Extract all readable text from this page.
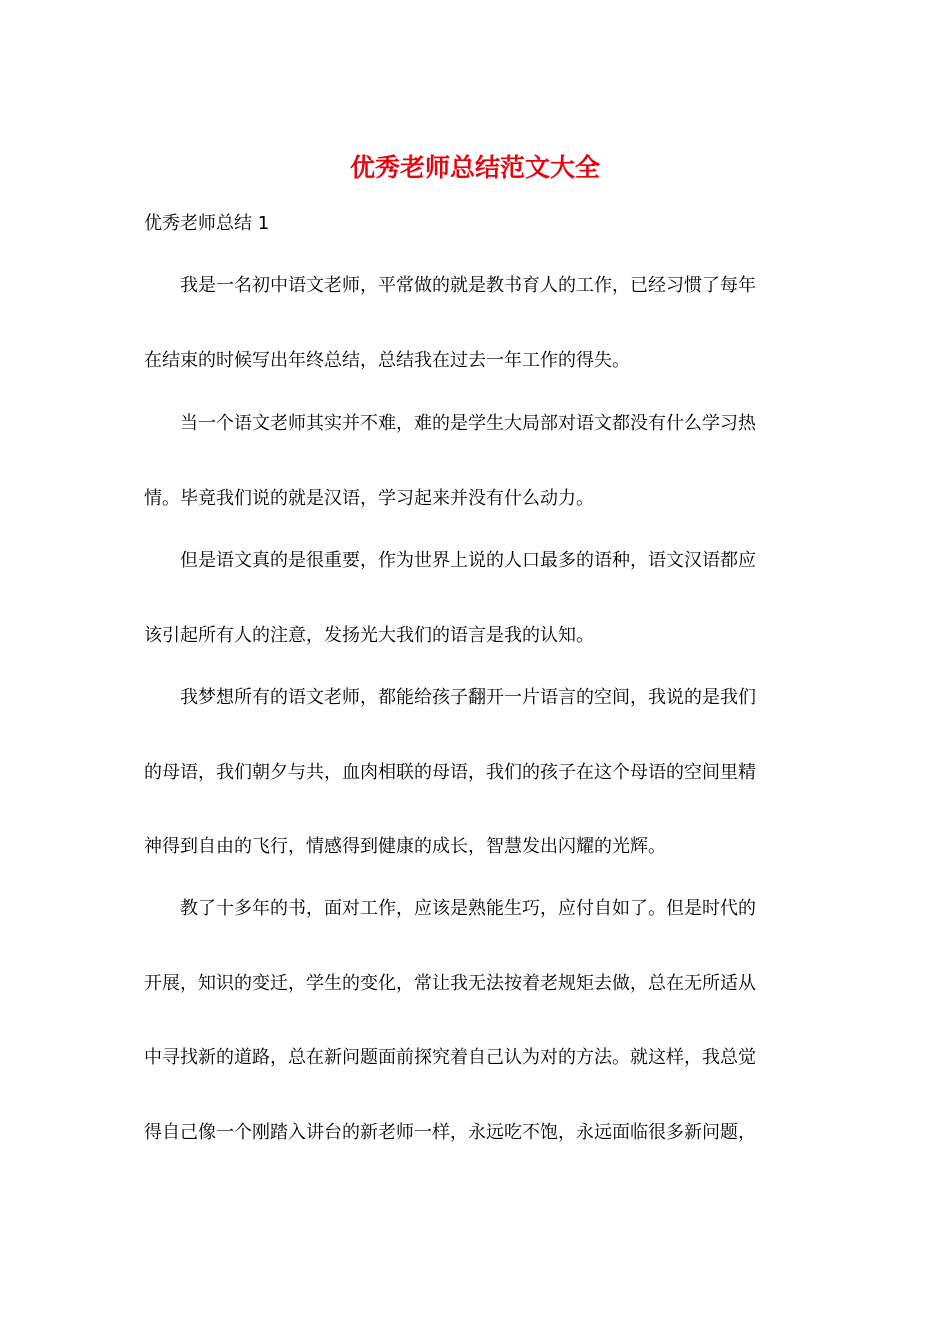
优秀老师总结范文大全

优秀老师总结 1

我是一名初中语文老师，平常做的就是教书育人的工作，已经习惯了每年

在结束的时候写出年终总结，总结我在过去一年工作的得失。

当一个语文老师其实并不难，难的是学生大局部对语文都没有什么学习热

情。毕竟我们说的就是汉语，学习起来并没有什么动力。

但是语文真的是很重要，作为世界上说的人口最多的语种，语文汉语都应

该引起所有人的注意，发扬光大我们的语言是我的认知。

我梦想所有的语文老师，都能给孩子翻开一片语言的空间，我说的是我们

的母语，我们朝夕与共，血肉相联的母语，我们的孩子在这个母语的空间里精

神得到自由的飞行，情感得到健康的成长，智慧发出闪耀的光辉。

教了十多年的书，面对工作，应该是熟能生巧，应付自如了。但是时代的

开展，知识的变迁，学生的变化，常让我无法按着老规矩去做，总在无所适从

中寻找新的道路，总在新问题面前探究着自己认为对的方法。就这样，我总觉

得自己像一个刚踏入讲台的新老师一样，永远吃不饱，永远面临很多新问题，
